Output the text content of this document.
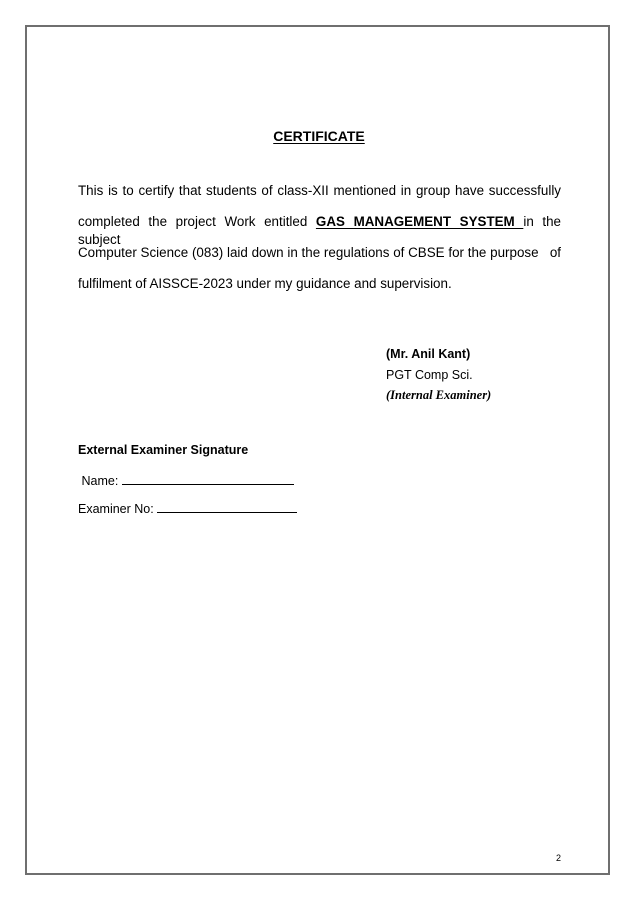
CERTIFICATE
This is to certify that students of class-XII mentioned in group have successfully
completed the project Work entitled GAS MANAGEMENT SYSTEM in the subject
Computer Science (083) laid down in the regulations of CBSE for the purpose   of
fulfilment of AISSCE-2023 under my guidance and supervision.
(Mr. Anil Kant)
PGT Comp Sci.
(Internal Examiner)
External Examiner Signature
Name:
Examiner No:
2
